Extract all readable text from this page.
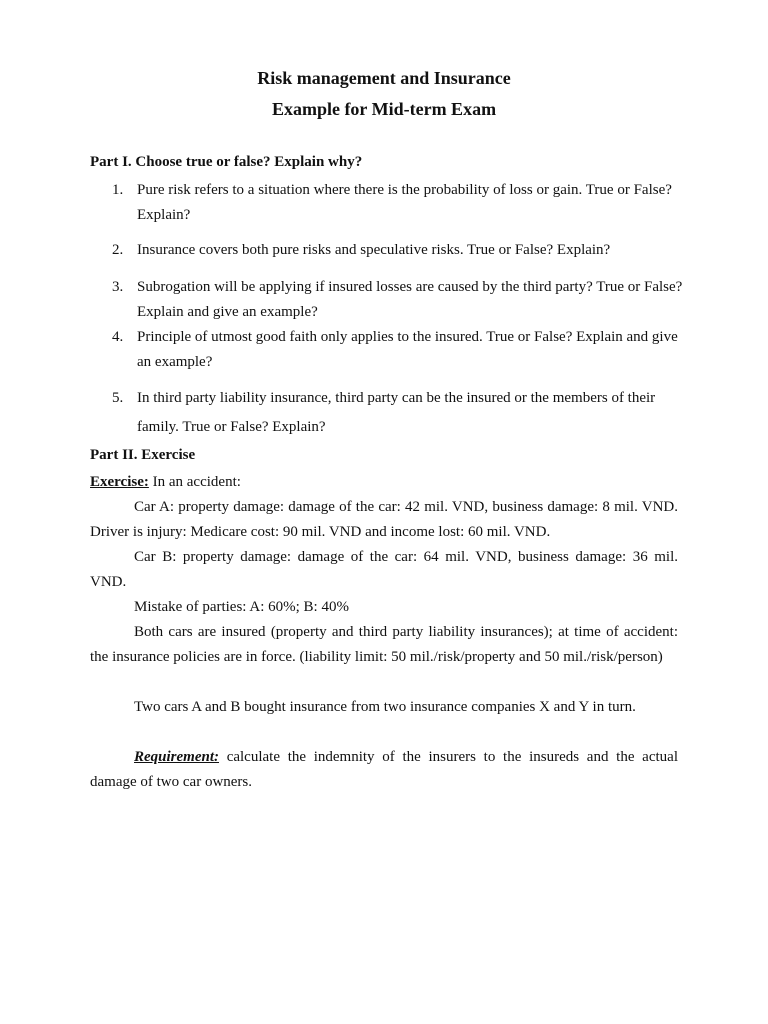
Risk management and Insurance
Example for Mid-term Exam
Part I. Choose true or false? Explain why?
1. Pure risk refers to a situation where there is the probability of loss or gain. True or False? Explain?
2. Insurance covers both pure risks and speculative risks. True or False? Explain?
3. Subrogation will be applying if insured losses are caused by the third party? True or False? Explain and give an example?
4. Principle of utmost good faith only applies to the insured. True or False? Explain and give an example?
5. In third party liability insurance, third party can be the insured or the members of their family. True or False? Explain?
Part II. Exercise

Exercise: In an accident:

Car A: property damage: damage of the car: 42 mil. VND, business damage: 8 mil. VND. Driver is injury: Medicare cost: 90 mil. VND and income lost: 60 mil. VND.

Car B: property damage: damage of the car: 64 mil. VND, business damage: 36 mil. VND.

Mistake of parties: A: 60%; B: 40%

Both cars are insured (property and third party liability insurances); at time of accident: the insurance policies are in force. (liability limit: 50 mil./risk/property and 50 mil./risk/person)

Two cars A and B bought insurance from two insurance companies X and Y in turn.

Requirement: calculate the indemnity of the insurers to the insureds and the actual damage of two car owners.
